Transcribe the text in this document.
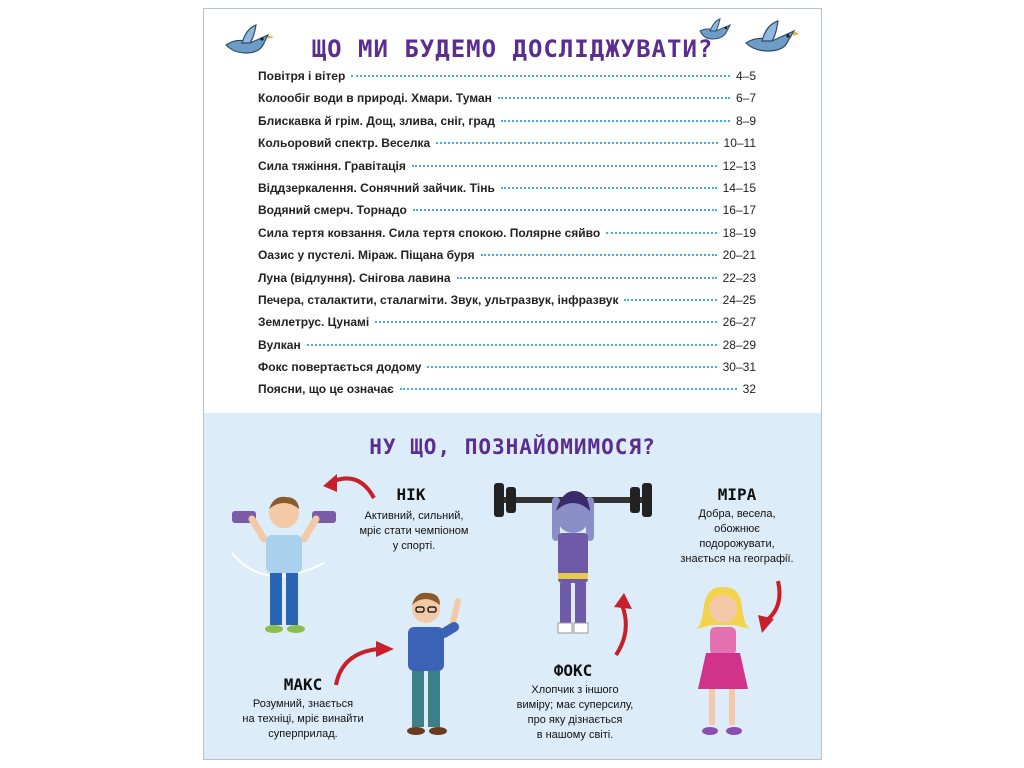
ЩО МИ БУДЕМО ДОСЛІДЖУВАТИ?
Повітря і вітер	4–5
Колообіг води в природі. Хмари. Туман	6–7
Блискавка й грім. Дощ, злива, сніг, град	8–9
Кольоровий спектр. Веселка	10–11
Сила тяжіння. Гравітація	12–13
Віддзеркалення. Сонячний зайчик. Тінь	14–15
Водяний смерч. Торнадо	16–17
Сила тертя ковзання. Сила тертя спокою. Полярне сяйво	18–19
Оазис у пустелі. Міраж. Піщана буря	20–21
Луна (відлуння). Снігова лавина	22–23
Печера, сталактити, сталагміти. Звук, ультразвук, інфразвук	24–25
Землетрус. Цунамі	26–27
Вулкан	28–29
Фокс повертається додому	30–31
Поясни, що це означає	32
НУ ЩО, ПОЗНАЙОМИМОСЯ?
НІК
Активний, сильний,
мріє стати чемпіоном
у спорті.
ФОКС
Хлопчик з іншого
виміру; має суперсилу,
про яку дізнається
в нашому світі.
МІРА
Добра, весела,
обожнює
подорожувати,
знається на географії.
МАКС
Розумний, знається
на техніці, мріє винайти
суперприлад.
